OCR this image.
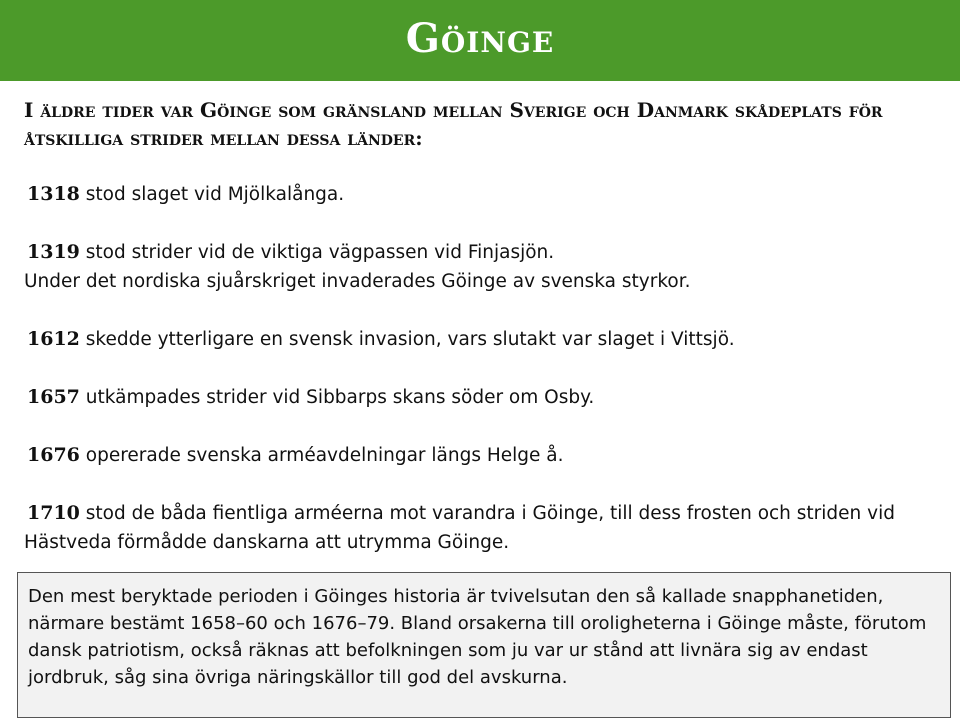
Göinge
I äldre tider var Göinge som gränsland mellan Sverige och Danmark skådeplats för åtskilliga strider mellan dessa länder:
1318 stod slaget vid Mjölkalånga.
1319 stod strider vid de viktiga vägpassen vid Finjasjön.
Under det nordiska sjuårskriget invaderades Göinge av svenska styrkor.
1612 skedde ytterligare en svensk invasion, vars slutakt var slaget i Vittsjö.
1657 utkämpades strider vid Sibbarps skans söder om Osby.
1676 opererade svenska arméavdelningar längs Helge å.
1710 stod de båda fientliga arméerna mot varandra i Göinge, till dess frosten och striden vid Hästveda förmådde danskarna att utrymma Göinge.
Den mest beryktade perioden i Göinges historia är tvivelsutan den så kallade snapphanetiden, närmare bestämt 1658–60 och 1676–79. Bland orsakerna till oroligheterna i Göinge måste, förutom dansk patriotism, också räknas att befolkningen som ju var ur stånd att livnära sig av endast jordbruk, såg sina övriga näringskällor till god del avskurna.
